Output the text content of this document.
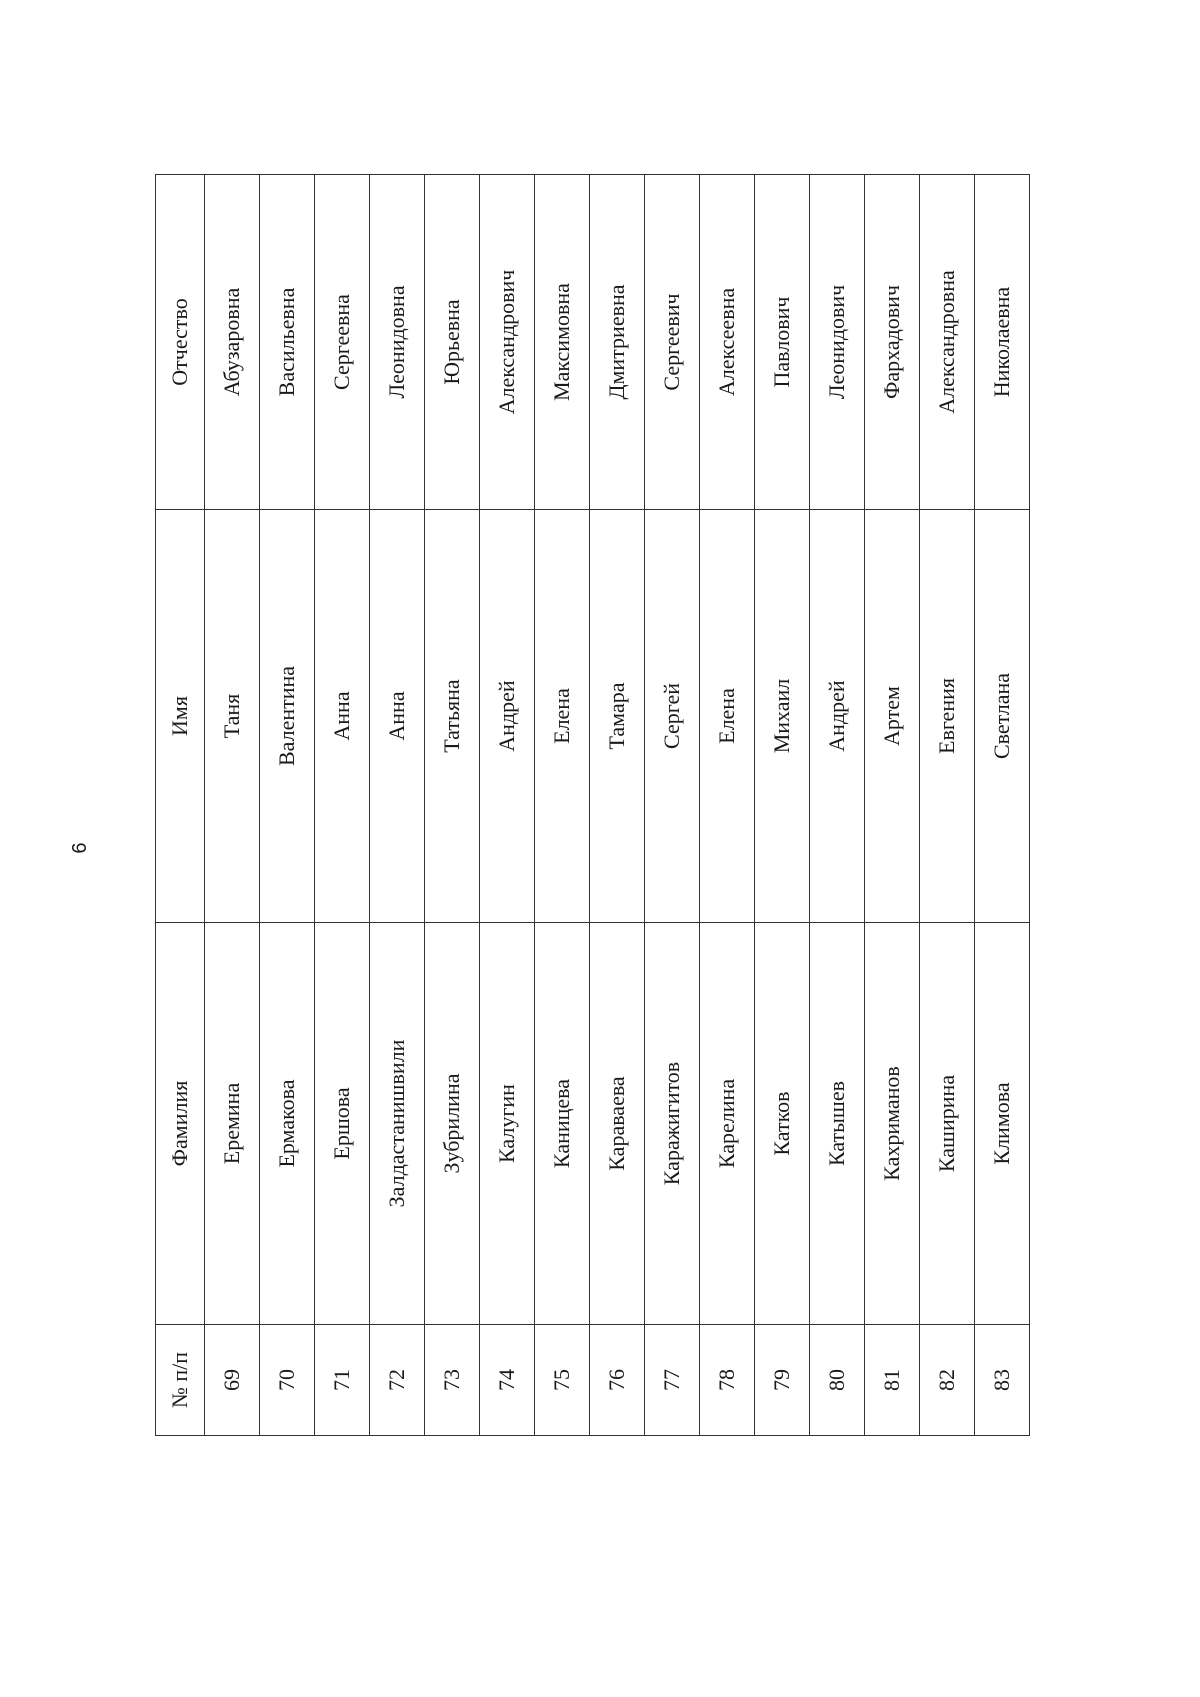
6
№ п/п	Фамилия	Имя	Отчество
69	Еремина	Таня	Абузаровна
70	Ермакова	Валентина	Васильевна
71	Ершова	Анна	Сергеевна
72	Залдастанишвили	Анна	Леонидовна
73	Зубрилина	Татьяна	Юрьевна
74	Калугин	Андрей	Александрович
75	Каницева	Елена	Максимовна
76	Караваева	Тамара	Дмитриевна
77	Каражигитов	Сергей	Сергеевич
78	Карелина	Елена	Алексеевна
79	Катков	Михаил	Павлович
80	Катышев	Андрей	Леонидович
81	Кахриманов	Артем	Фархадович
82	Каширина	Евгения	Александровна
83	Климова	Светлана	Николаевна
